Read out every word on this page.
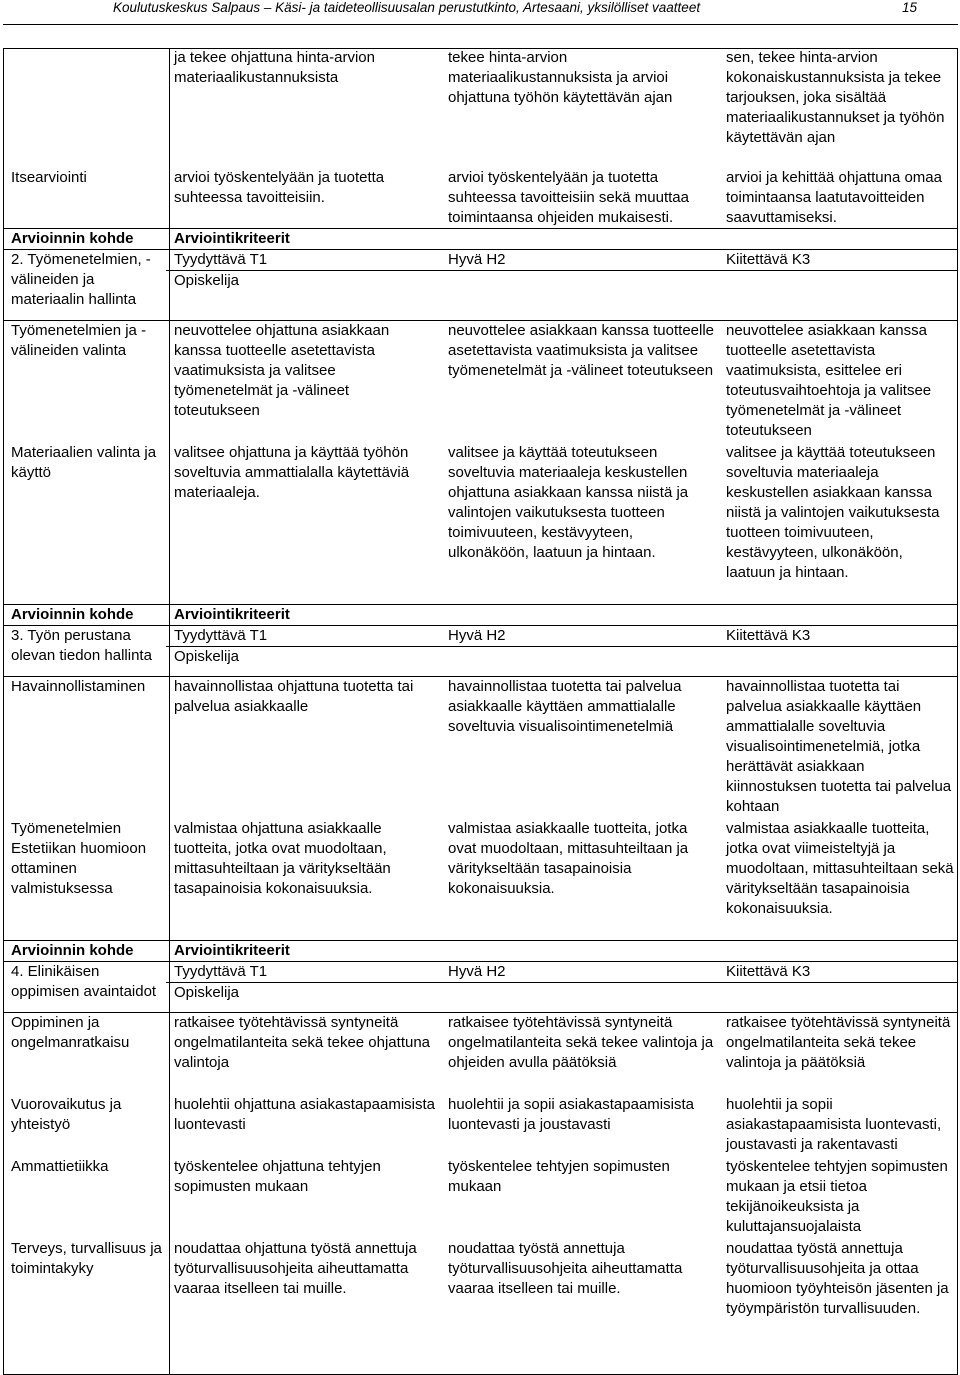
Koulutuskeskus Salpaus – Käsi- ja taideteollisuusalan perustutkinto, Artesaani, yksilölliset vaatteet	15
	ja tekee ohjattuna hinta-arvion materiaalikustannuksista	tekee hinta-arvion materiaalikustannuksista ja arvioi ohjattuna työhön käytettävän ajan	sen, tekee hinta-arvion kokonaiskustannuksista ja tekee tarjouksen, joka sisältää materiaalikustannukset ja työhön käytettävän ajan
Itsearviointi	arvioi työskentelyään ja tuotetta suhteessa tavoitteisiin.	arvioi työskentelyään ja tuotetta suhteessa tavoitteisiin sekä muuttaa toimintaansa ohjeiden mukaisesti.	arvioi ja kehittää ohjattuna omaa toimintaansa laatutavoitteiden saavuttamiseksi.
Arvioinnin kohde	Arviointikriteerit		
2. Työmenetelmien, -välineiden ja materiaalin hallinta	Tyydyttävä T1	Hyvä H2	Kiitettävä K3
	Opiskelija		
Työmenetelmien ja -välineiden valinta	neuvottelee ohjattuna asiakkaan kanssa tuotteelle asetettavista vaatimuksista ja valitsee työmenetelmät ja -välineet toteutukseen	neuvottelee asiakkaan kanssa tuotteelle asetettavista vaatimuksista ja valitsee työmenetelmät ja -välineet toteutukseen	neuvottelee asiakkaan kanssa tuotteelle asetettavista vaatimuksista, esittelee eri toteutusvaihtoehtoja ja valitsee työmenetelmät ja -välineet toteutukseen
Materiaalien valinta ja käyttö	valitsee ohjattuna ja käyttää työhön soveltuvia ammattialalla käytettäviä materiaaleja.	valitsee ja käyttää toteutukseen soveltuvia materiaaleja keskustellen ohjattuna asiakkaan kanssa niistä ja valintojen vaikutuksesta tuotteen toimivuuteen, kestävyyteen, ulkonäköön, laatuun ja hintaan.	valitsee ja käyttää toteutukseen soveltuvia materiaaleja keskustellen asiakkaan kanssa niistä ja valintojen vaikutuksesta tuotteen toimivuuteen, kestävyyteen, ulkonäköön, laatuun ja hintaan.
Arvioinnin kohde	Arviointikriteerit		
3. Työn perustana olevan tiedon hallinta	Tyydyttävä T1	Hyvä H2	Kiitettävä K3
	Opiskelija		
Havainnollistaminen	havainnollistaa ohjattuna tuotetta tai palvelua asiakkaalle	havainnollistaa tuotetta tai palvelua asiakkaalle käyttäen ammattialalle soveltuvia visualisointimenetelmiä	havainnollistaa tuotetta tai palvelua asiakkaalle käyttäen ammattialalle soveltuvia visualisointimenetelmiä, jotka herättävät asiakkaan kiinnostuksen tuotetta tai palvelua kohtaan
Työmenetelmien Estetiikan huomioon ottaminen valmistuksessa	valmistaa ohjattuna asiakkaalle tuotteita, jotka ovat muodoltaan, mittasuhteiltaan ja väritykseltään tasapainoisia kokonaisuuksia.	valmistaa asiakkaalle tuotteita, jotka ovat muodoltaan, mittasuhteiltaan ja väritykseltään tasapainoisia kokonaisuuksia.	valmistaa asiakkaalle tuotteita, jotka ovat viimeisteltyjä ja muodoltaan, mittasuhteiltaan sekä väritykseltään tasapainoisia kokonaisuuksia.
Arvioinnin kohde	Arviointikriteerit		
4. Elinikäisen oppimisen avaintaidot	Tyydyttävä T1	Hyvä H2	Kiitettävä K3
	Opiskelija		
Oppiminen ja ongelmanratkaisu	ratkaisee työtehtävissä syntyneitä ongelmatilanteita sekä tekee ohjattuna valintoja	ratkaisee työtehtävissä syntyneitä ongelmatilanteita sekä tekee valintoja ja ohjeiden avulla päätöksiä	ratkaisee työtehtävissä syntyneitä ongelmatilanteita sekä tekee valintoja ja päätöksiä
Vuorovaikutus ja yhteistyö	huolehtii ohjattuna asiakastapaamisista luontevasti	huolehtii ja sopii asiakastapaamisista luontevasti ja joustavasti	huolehtii ja sopii asiakastapaamisista luontevasti, joustavasti ja rakentavasti
Ammattietiikka	työskentelee ohjattuna tehtyjen sopimusten mukaan	työskentelee tehtyjen sopimusten mukaan	työskentelee tehtyjen sopimusten mukaan ja etsii tietoa tekijänoikeuksista ja kuluttajansuojalaista
Terveys, turvallisuus ja toimintakyky	noudattaa ohjattuna työstä annettuja työturvallisuusohjeita aiheuttamatta vaaraa itselleen tai muille.	noudattaa työstä annettuja työturvallisuusohjeita aiheuttamatta vaaraa itselleen tai muille.	noudattaa työstä annettuja työturvallisuusohjeita ja ottaa huomioon työyhteisön jäsenten ja työympäristön turvallisuuden.
